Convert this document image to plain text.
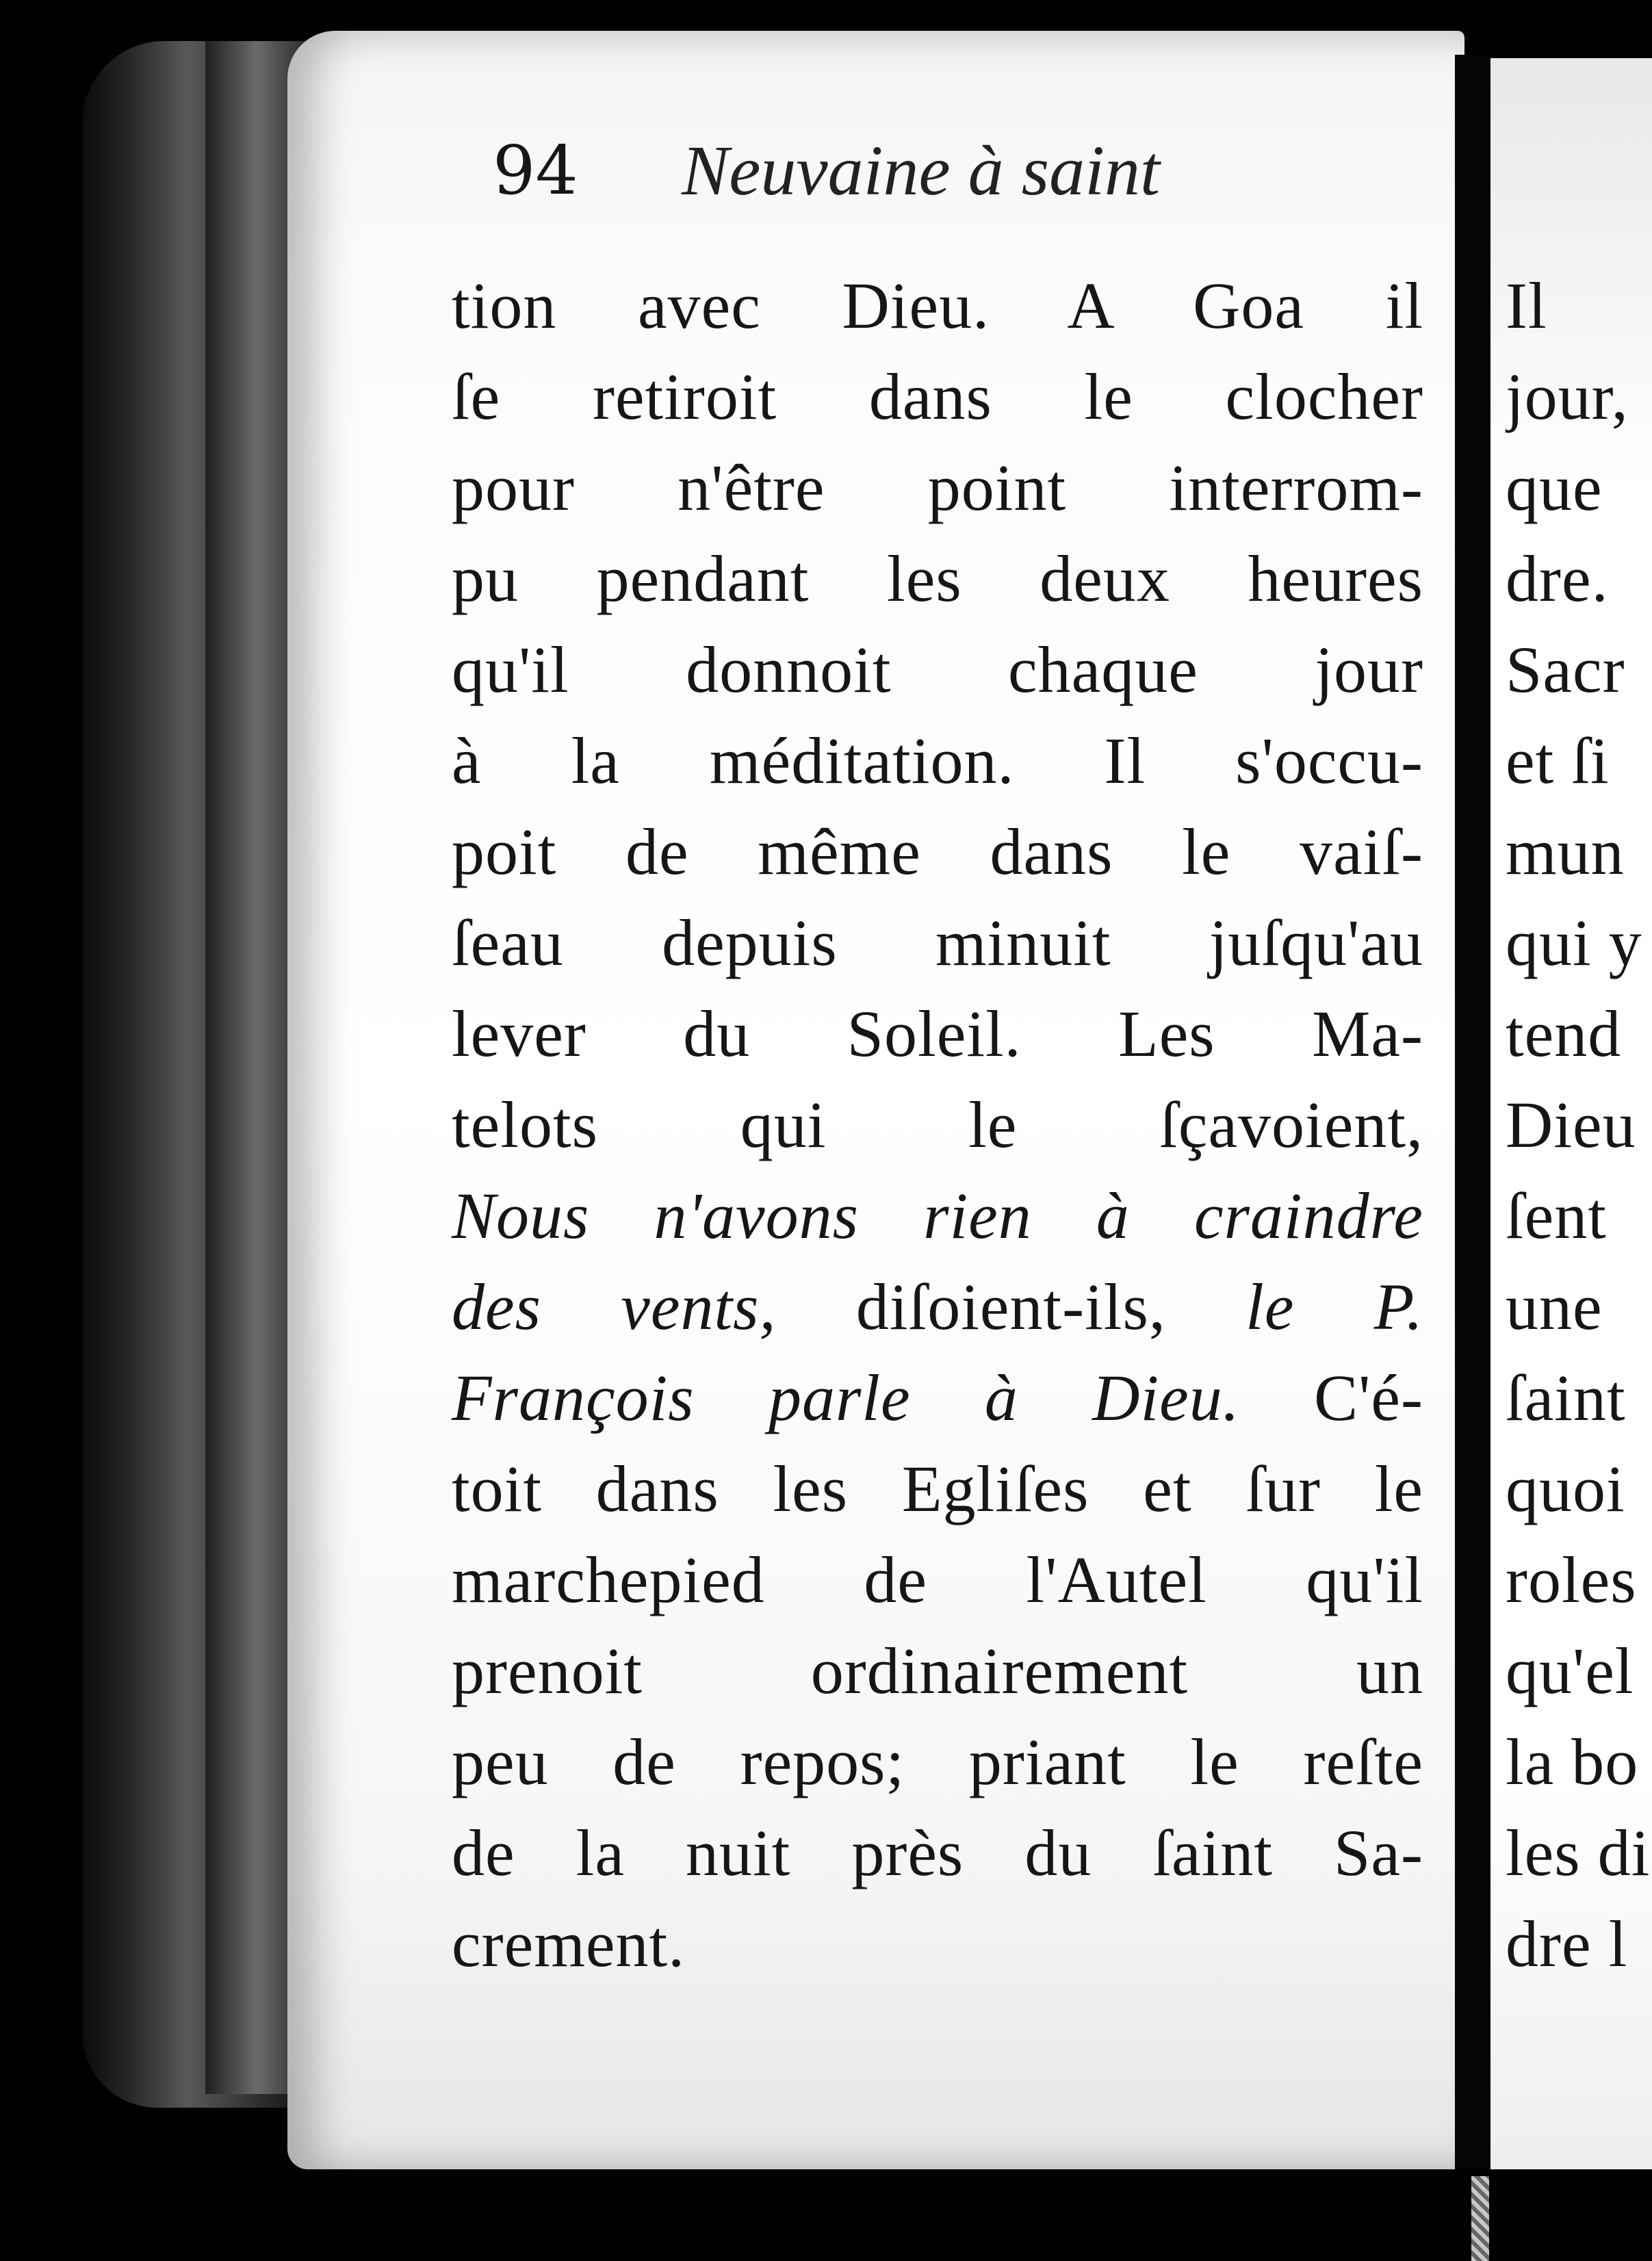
94 Neuvaine à saint
tion avec Dieu. A Goa il
ſe retiroit dans le clocher
pour n'être point interrom-
pu pendant les deux heures
qu'il donnoit chaque jour
à la méditation. Il s'occu-
poit de même dans le vaiſ-
ſeau depuis minuit juſqu'au
lever du Soleil. Les Ma-
telots qui le ſçavoient,
Nous n'avons rien à craindre
des vents, diſoient-ils, le P.
François parle à Dieu. C'é-
toit dans les Egliſes et ſur le
marchepied de l'Autel qu'il
prenoit ordinairement un
peu de repos; priant le reſte
de la nuit près du ſaint Sa-
crement.
Il
jour,
que
dre.
Sacr
et ſi
mun
qui y
tend
Dieu
ſent
une
ſaint
quoi
roles
qu'el
la bo
les di
dre l
